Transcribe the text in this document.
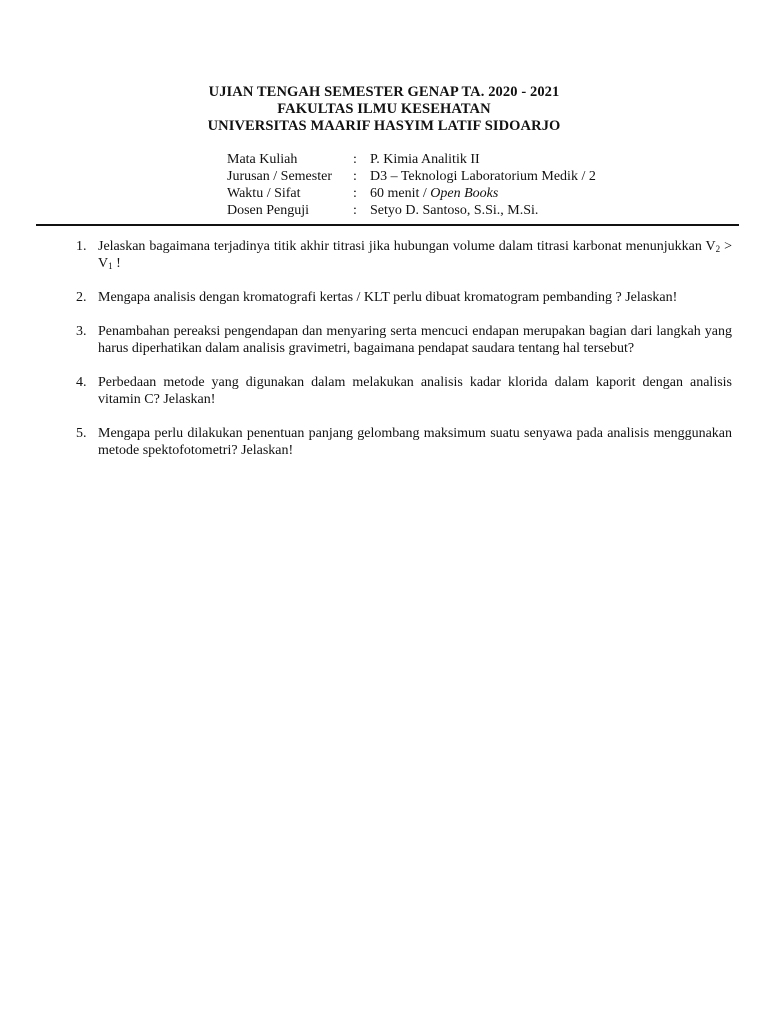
UJIAN TENGAH SEMESTER GENAP TA. 2020 - 2021
FAKULTAS ILMU KESEHATAN
UNIVERSITAS MAARIF HASYIM LATIF SIDOARJO
Mata Kuliah	: P. Kimia Analitik II
Jurusan / Semester	: D3 – Teknologi Laboratorium Medik / 2
Waktu / Sifat	: 60 menit / Open Books
Dosen Penguji	: Setyo D. Santoso, S.Si., M.Si.
1. Jelaskan bagaimana terjadinya titik akhir titrasi jika hubungan volume dalam titrasi karbonat menunjukkan $V_2 > V_1$ !
2. Mengapa analisis dengan kromatografi kertas / KLT perlu dibuat kromatogram pembanding ? Jelaskan!
3. Penambahan pereaksi pengendapan dan menyaring serta mencuci endapan merupakan bagian dari langkah yang harus diperhatikan dalam analisis gravimetri, bagaimana pendapat saudara tentang hal tersebut?
4. Perbedaan metode yang digunakan dalam melakukan analisis kadar klorida dalam kaporit dengan analisis vitamin C? Jelaskan!
5. Mengapa perlu dilakukan penentuan panjang gelombang maksimum suatu senyawa pada analisis menggunakan metode spektofotometri? Jelaskan!
